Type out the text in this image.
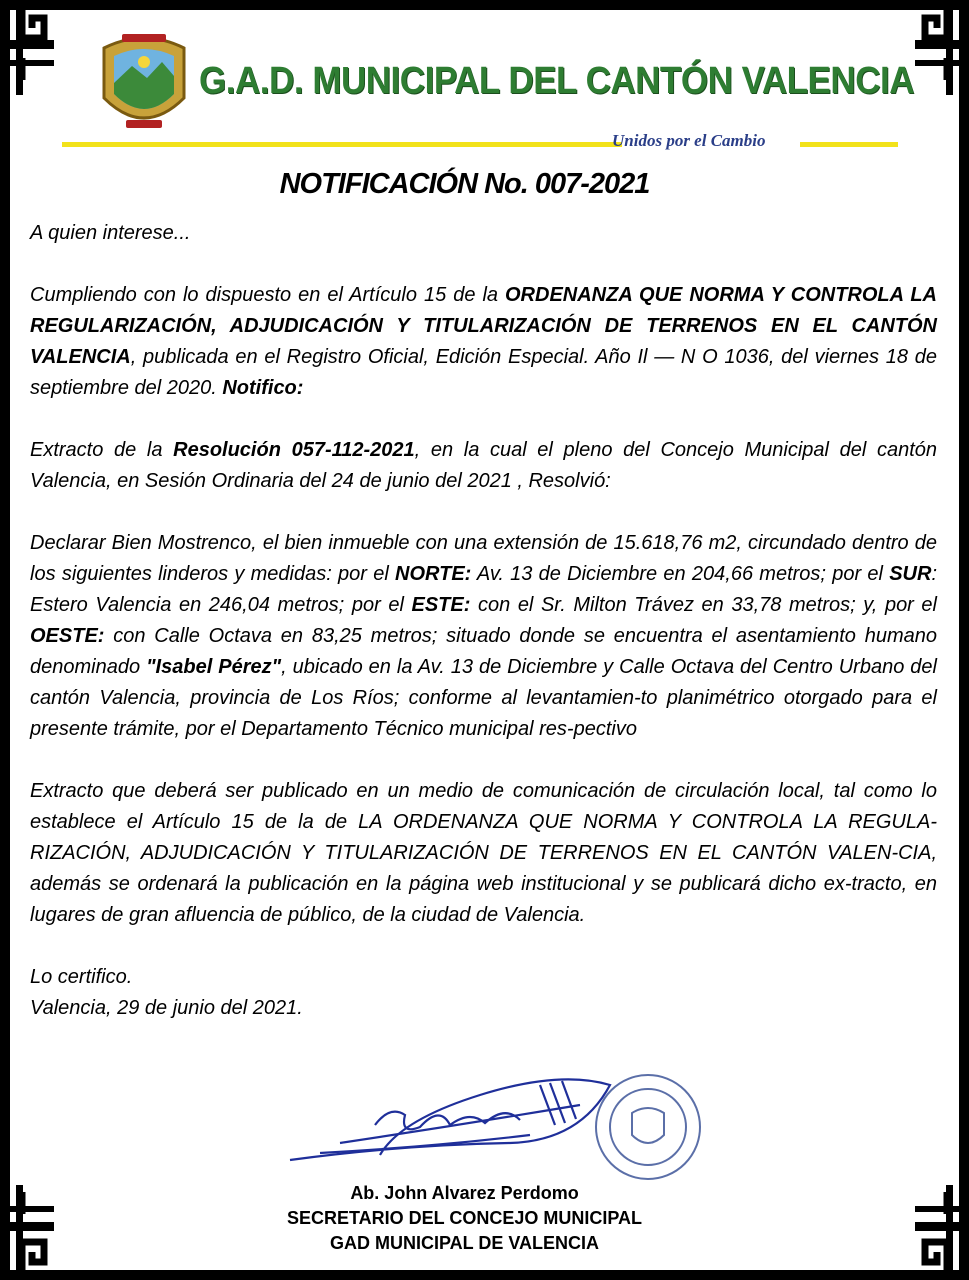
G.A.D. MUNICIPAL DEL CANTÓN VALENCIA
Unidos por el Cambio
NOTIFICACIÓN No. 007-2021

A quien interese...

Cumpliendo con lo dispuesto en el Artículo 15 de la ORDENANZA QUE NORMA Y CONTROLA LA REGULARIZACIÓN, ADJUDICACIÓN Y TITULARIZACIÓN DE TERRENOS EN EL CANTÓN VALENCIA, publicada en el Registro Oficial, Edición Especial. Año Il — N O 1036, del viernes 18 de septiembre del 2020. Notifico:

Extracto de la Resolución 057-112-2021, en la cual el pleno del Concejo Municipal del cantón Valencia, en Sesión Ordinaria del 24 de junio del 2021 , Resolvió:

Declarar Bien Mostrenco, el bien inmueble con una extensión de 15.618,76 m2, circundado dentro de los siguientes linderos y medidas: por el NORTE: Av. 13 de Diciembre en 204,66 metros; por el SUR: Estero Valencia en 246,04 metros; por el ESTE: con el Sr. Milton Trávez en 33,78 metros; y, por el OESTE: con Calle Octava en 83,25 metros; situado donde se encuentra el asentamiento humano denominado "Isabel Pérez", ubicado en la Av. 13 de Diciembre y Calle Octava del Centro Urbano del cantón Valencia, provincia de Los Ríos; conforme al levantamien-to planimétrico otorgado para el presente trámite, por el Departamento Técnico municipal res-pectivo

Extracto que deberá ser publicado en un medio de comunicación de circulación local, tal como lo establece el Artículo 15 de la de LA ORDENANZA QUE NORMA Y CONTROLA LA REGULA-RIZACIÓN, ADJUDICACIÓN Y TITULARIZACIÓN DE TERRENOS EN EL CANTÓN VALEN-CIA, además se ordenará la publicación en la página web institucional y se publicará dicho ex-tracto, en lugares de gran afluencia de público, de la ciudad de Valencia.

Lo certifico.
Valencia, 29 de junio del 2021.

Ab. John Alvarez Perdomo
SECRETARIO DEL CONCEJO MUNICIPAL
GAD MUNICIPAL DE VALENCIA
